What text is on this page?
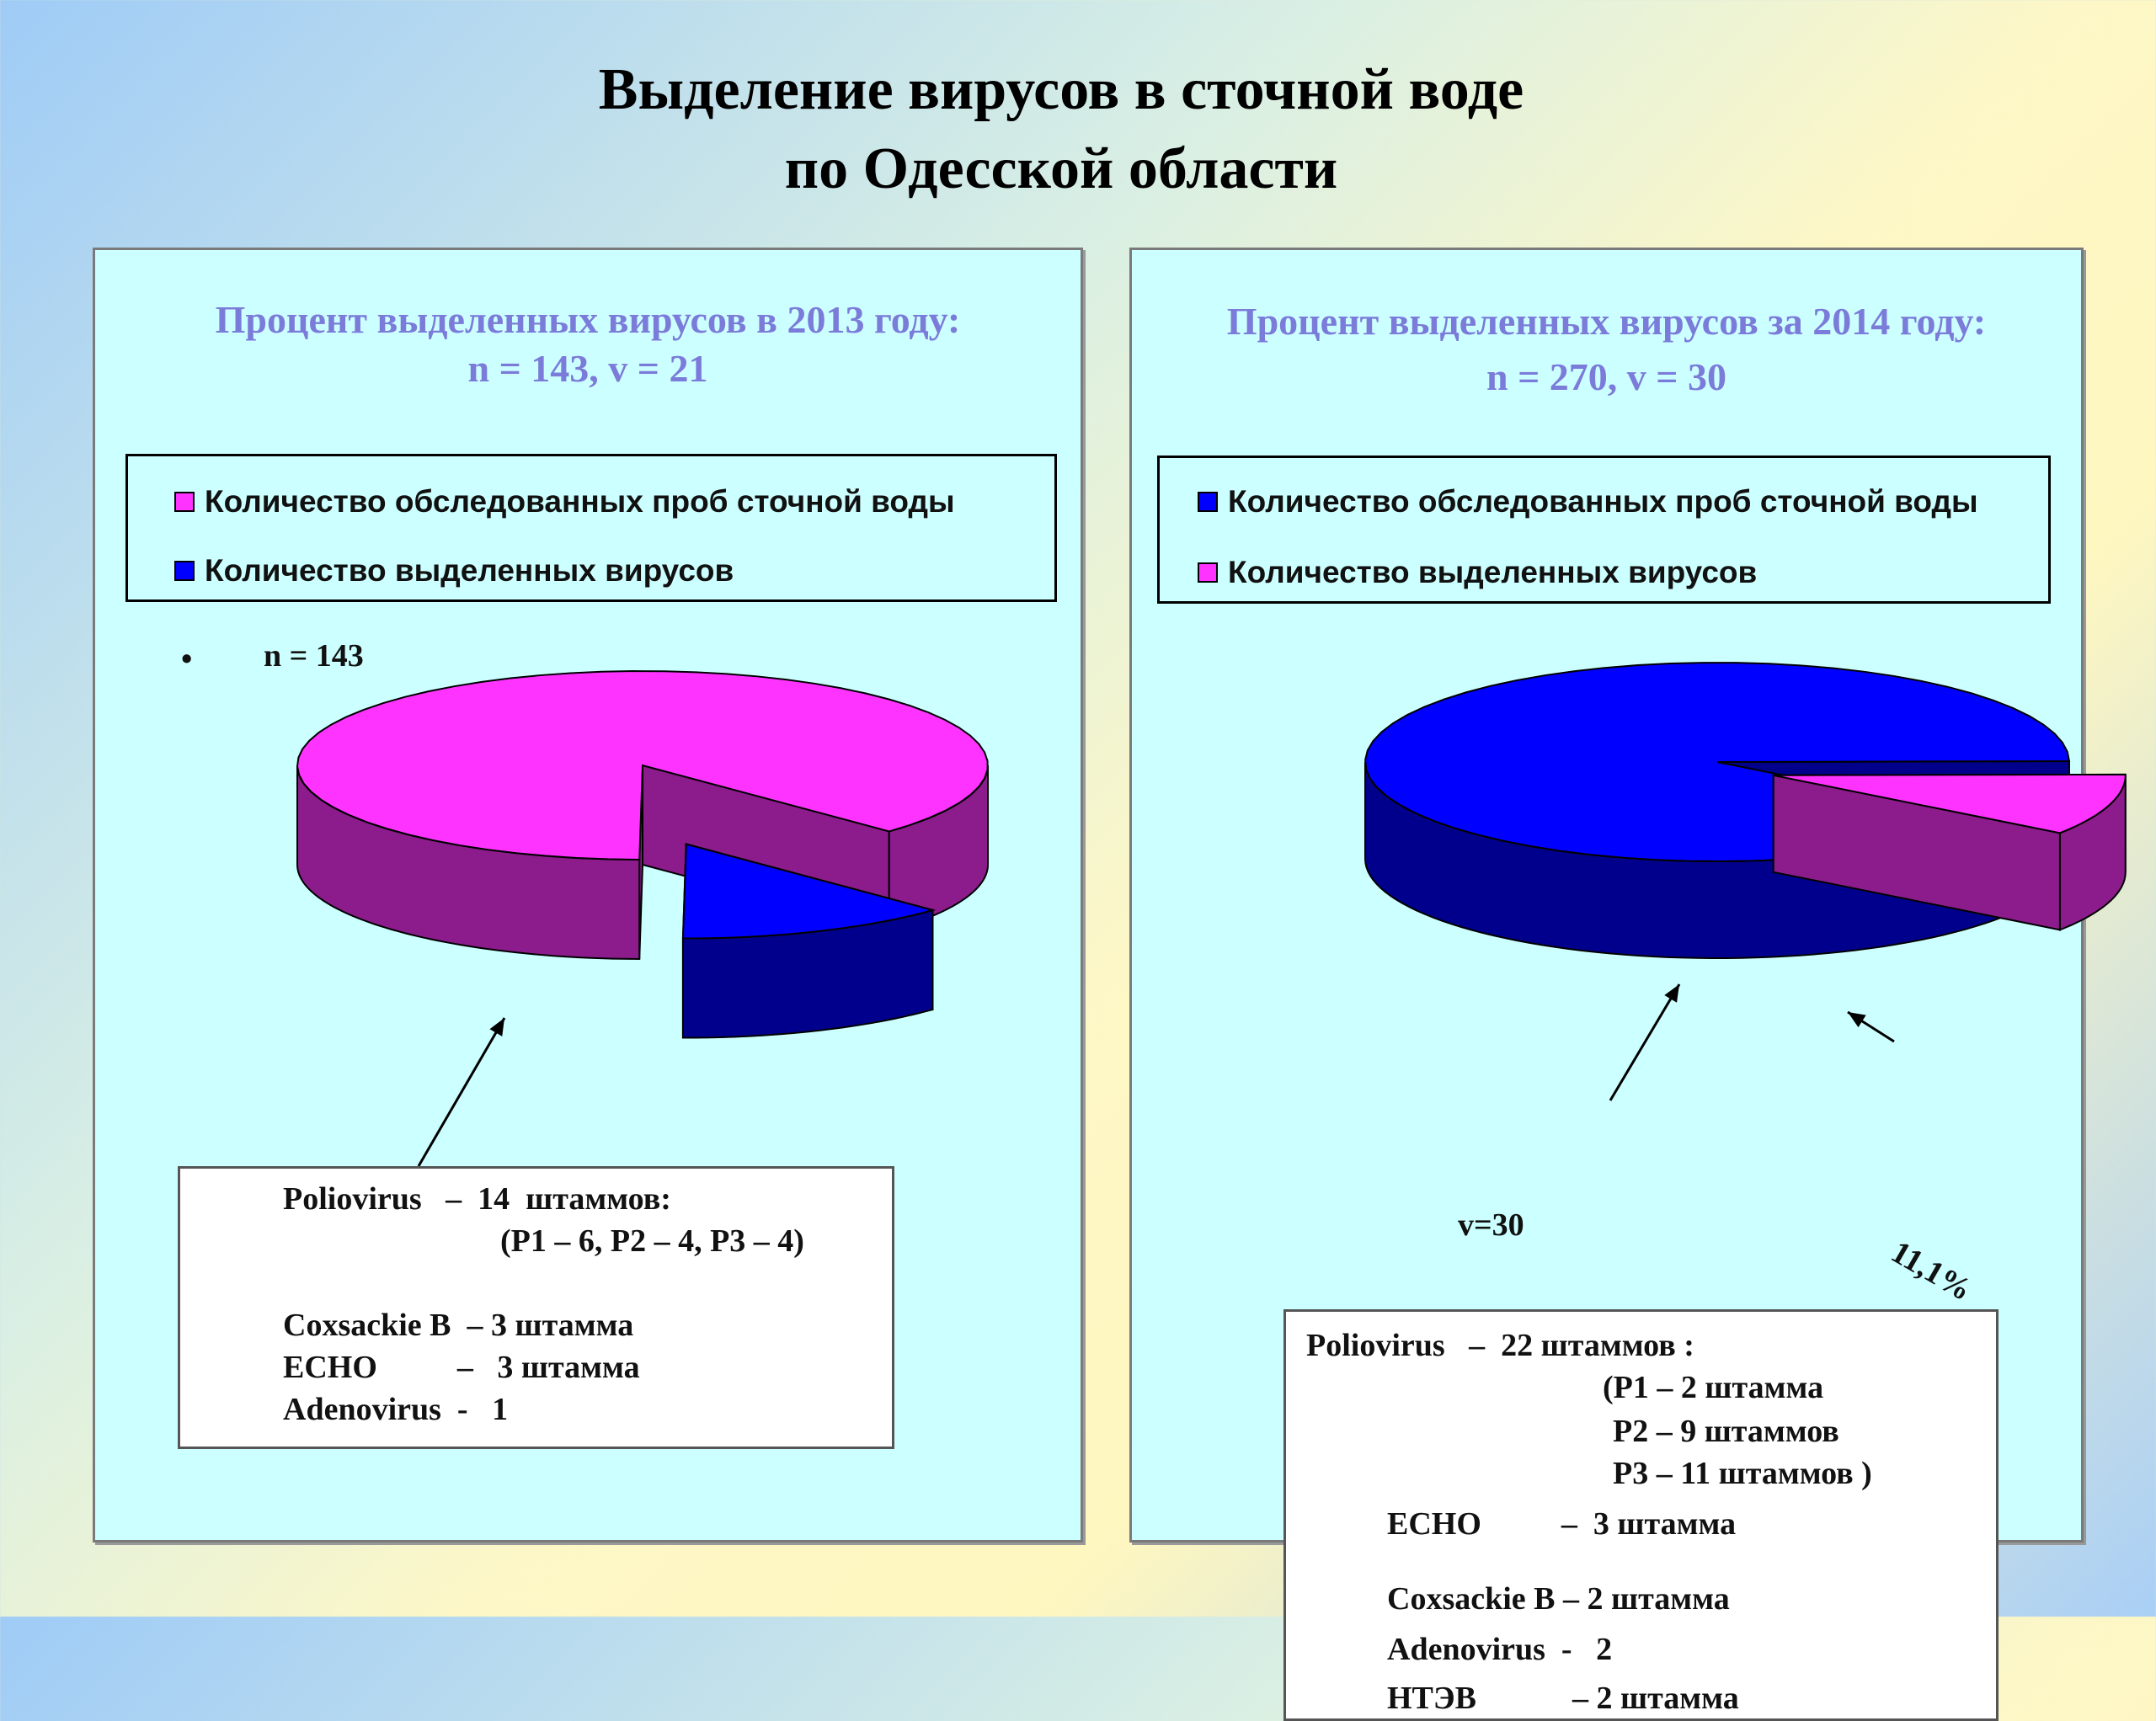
Выделение вирусов в сточной воде
по Одесской области
Процент выделенных вирусов в 2013 году:
n = 143, v = 21
Количество обследованных проб сточной воды
Количество выделенных вирусов
• n = 143
Poliovirus   –  14  штаммов:
(P1 – 6, P2 – 4, P3 – 4)
Coxsackie B  – 3 штамма
ECHO          –   3 штамма
Adenovirus  -   1
Процент выделенных вирусов за 2014 году:
n = 270, v = 30
Количество обследованных проб сточной воды
Количество выделенных вирусов
v=30
11,1%
Poliovirus   –  22 штаммов :
(P1 – 2 штамма
P2 – 9 штаммов
P3 – 11 штаммов )
ECHO          –  3 штамма
Coxsackie B – 2 штамма
Adenovirus  -   2
НТЭВ            – 2 штамма
